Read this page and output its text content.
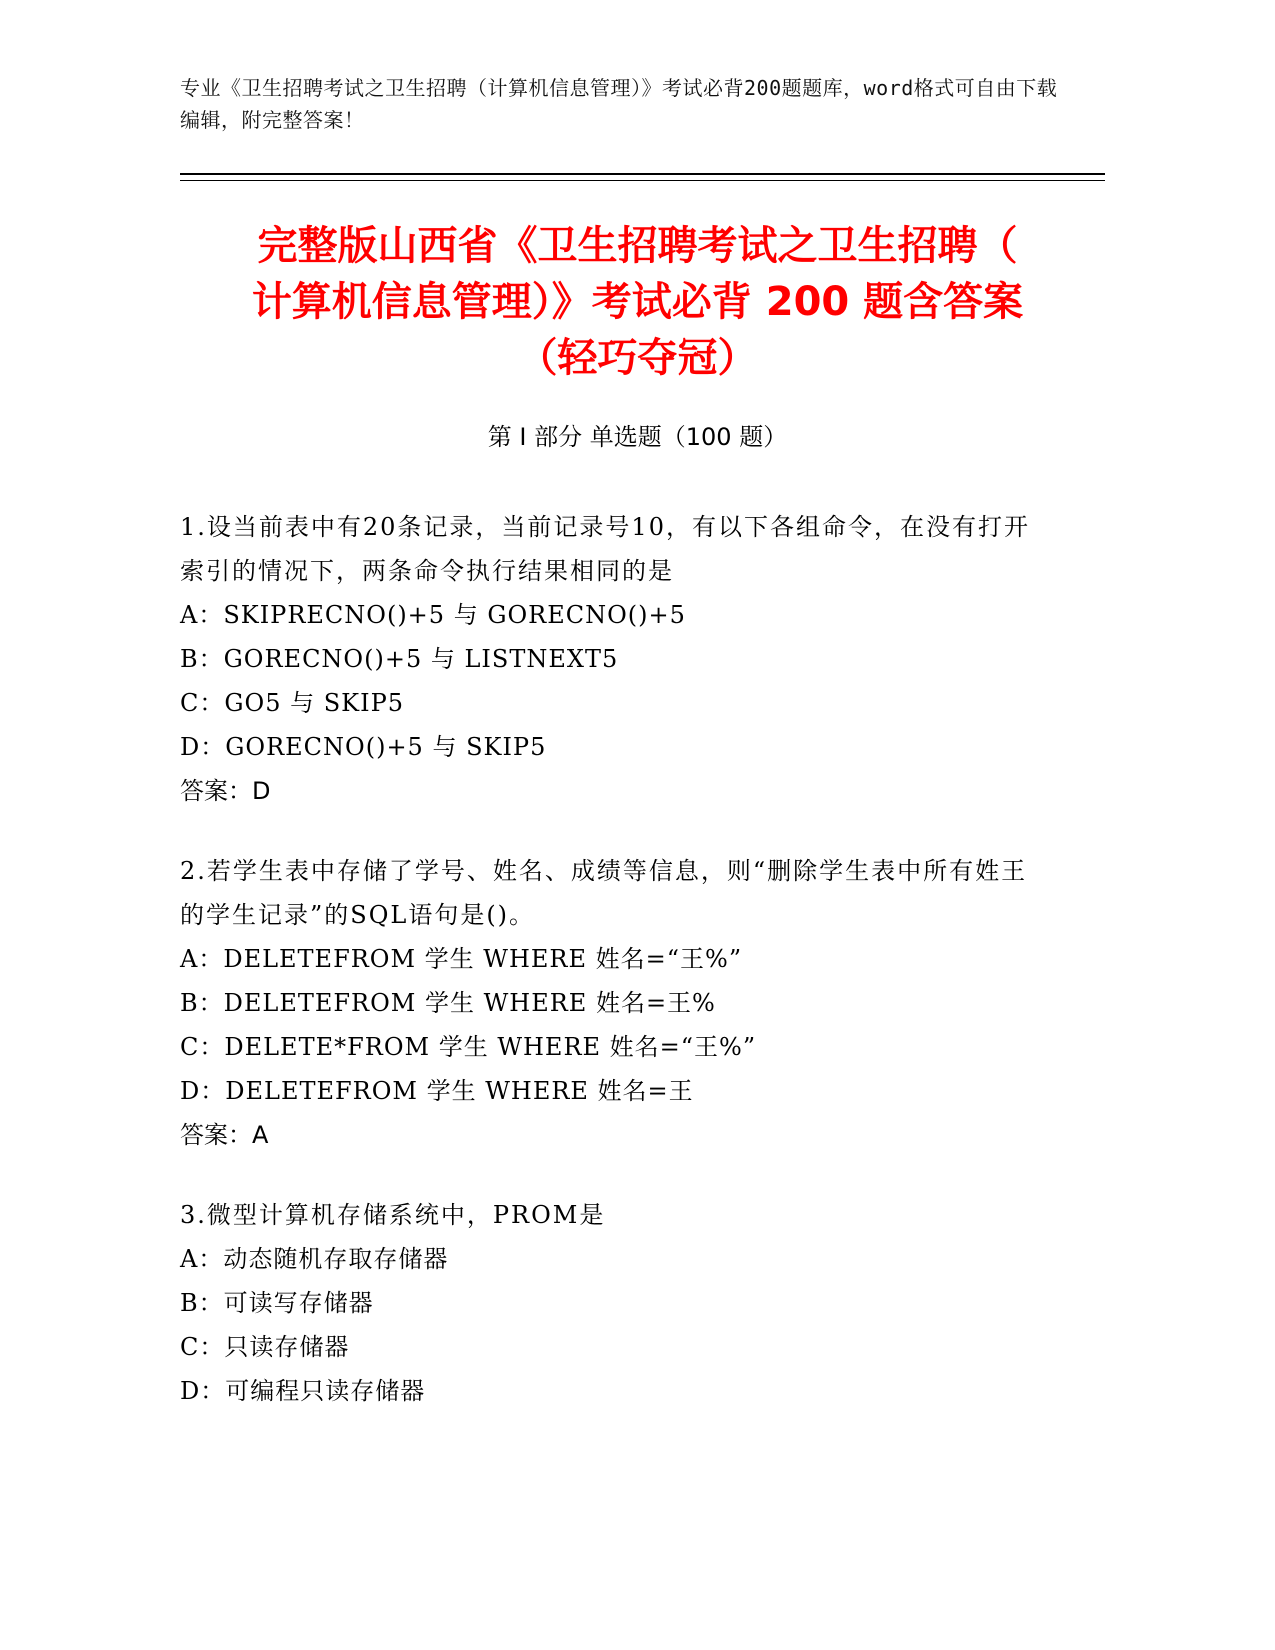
专业《卫生招聘考试之卫生招聘（计算机信息管理）》考试必背200题题库，word格式可自由下载编辑，附完整答案！
完整版山西省《卫生招聘考试之卫生招聘（
计算机信息管理）》考试必背 200 题含答案
（轻巧夺冠）
第 I 部分 单选题（100 题）
1.设当前表中有20条记录，当前记录号10，有以下各组命令，在没有打开索引的情况下，两条命令执行结果相同的是
A：SKIPRECNO()+5 与 GORECNO()+5
B：GORECNO()+5 与 LISTNEXT5
C：GO5 与 SKIP5
D：GORECNO()+5 与 SKIP5
答案：D
2.若学生表中存储了学号、姓名、成绩等信息，则“删除学生表中所有姓王的学生记录”的SQL语句是()。
A：DELETEFROM 学生 WHERE 姓名=“王%”
B：DELETEFROM 学生 WHERE 姓名=王%
C：DELETE*FROM 学生 WHERE 姓名=“王%”
D：DELETEFROM 学生 WHERE 姓名=王
答案：A
3.微型计算机存储系统中，PROM是
A：动态随机存取存储器
B：可读写存储器
C：只读存储器
D：可编程只读存储器
